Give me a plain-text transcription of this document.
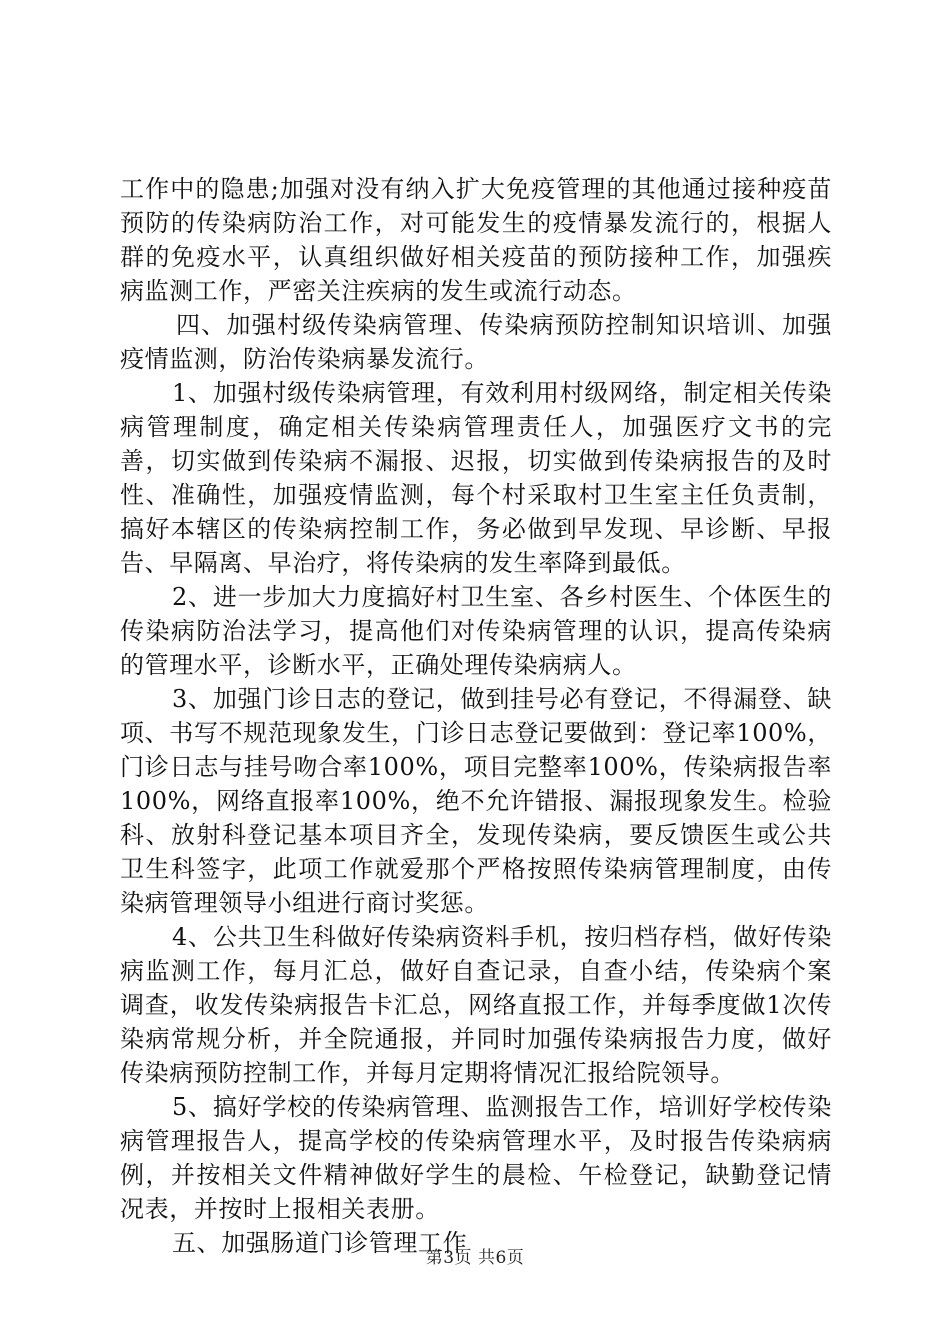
工作中的隐患;加强对没有纳入扩大免疫管理的其他通过接种疫苗预防的传染病防治工作，对可能发生的疫情暴发流行的，根据人群的免疫水平，认真组织做好相关疫苗的预防接种工作，加强疾病监测工作，严密关注疾病的发生或流行动态。

四、加强村级传染病管理、传染病预防控制知识培训、加强疫情监测，防治传染病暴发流行。

1、加强村级传染病管理，有效利用村级网络，制定相关传染病管理制度，确定相关传染病管理责任人，加强医疗文书的完善，切实做到传染病不漏报、迟报，切实做到传染病报告的及时性、准确性，加强疫情监测，每个村采取村卫生室主任负责制，搞好本辖区的传染病控制工作，务必做到早发现、早诊断、早报告、早隔离、早治疗，将传染病的发生率降到最低。

2、进一步加大力度搞好村卫生室、各乡村医生、个体医生的传染病防治法学习，提高他们对传染病管理的认识，提高传染病的管理水平，诊断水平，正确处理传染病病人。

3、加强门诊日志的登记，做到挂号必有登记，不得漏登、缺项、书写不规范现象发生，门诊日志登记要做到：登记率100%，门诊日志与挂号吻合率100%，项目完整率100%，传染病报告率100%，网络直报率100%，绝不允许错报、漏报现象发生。检验科、放射科登记基本项目齐全，发现传染病，要反馈医生或公共卫生科签字，此项工作就爱那个严格按照传染病管理制度，由传染病管理领导小组进行商讨奖惩。

4、公共卫生科做好传染病资料手机，按归档存档，做好传染病监测工作，每月汇总，做好自查记录，自查小结，传染病个案调查，收发传染病报告卡汇总，网络直报工作，并每季度做1次传染病常规分析，并全院通报，并同时加强传染病报告力度，做好传染病预防控制工作，并每月定期将情况汇报给院领导。

5、搞好学校的传染病管理、监测报告工作，培训好学校传染病管理报告人，提高学校的传染病管理水平，及时报告传染病病例，并按相关文件精神做好学生的晨检、午检登记，缺勤登记情况表，并按时上报相关表册。

五、加强肠道门诊管理工作

第3页 共6页
